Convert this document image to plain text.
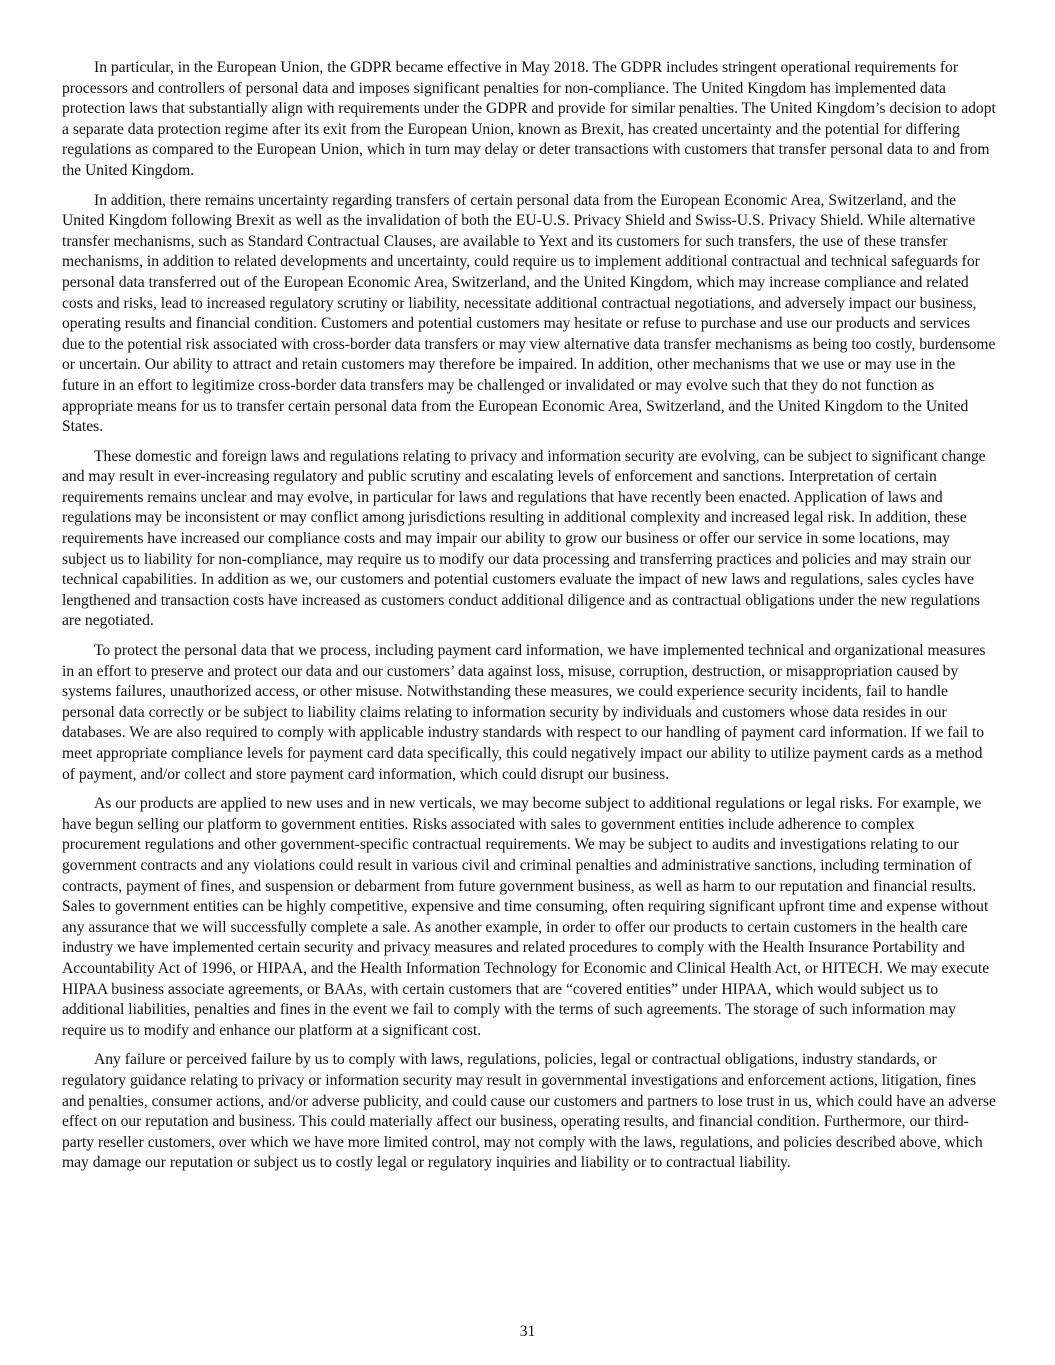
In particular, in the European Union, the GDPR became effective in May 2018. The GDPR includes stringent operational requirements for processors and controllers of personal data and imposes significant penalties for non-compliance. The United Kingdom has implemented data protection laws that substantially align with requirements under the GDPR and provide for similar penalties. The United Kingdom’s decision to adopt a separate data protection regime after its exit from the European Union, known as Brexit, has created uncertainty and the potential for differing regulations as compared to the European Union, which in turn may delay or deter transactions with customers that transfer personal data to and from the United Kingdom.

In addition, there remains uncertainty regarding transfers of certain personal data from the European Economic Area, Switzerland, and the United Kingdom following Brexit as well as the invalidation of both the EU-U.S. Privacy Shield and Swiss-U.S. Privacy Shield. While alternative transfer mechanisms, such as Standard Contractual Clauses, are available to Yext and its customers for such transfers, the use of these transfer mechanisms, in addition to related developments and uncertainty, could require us to implement additional contractual and technical safeguards for personal data transferred out of the European Economic Area, Switzerland, and the United Kingdom, which may increase compliance and related costs and risks, lead to increased regulatory scrutiny or liability, necessitate additional contractual negotiations, and adversely impact our business, operating results and financial condition. Customers and potential customers may hesitate or refuse to purchase and use our products and services due to the potential risk associated with cross-border data transfers or may view alternative data transfer mechanisms as being too costly, burdensome or uncertain. Our ability to attract and retain customers may therefore be impaired. In addition, other mechanisms that we use or may use in the future in an effort to legitimize cross-border data transfers may be challenged or invalidated or may evolve such that they do not function as appropriate means for us to transfer certain personal data from the European Economic Area, Switzerland, and the United Kingdom to the United States.

These domestic and foreign laws and regulations relating to privacy and information security are evolving, can be subject to significant change and may result in ever-increasing regulatory and public scrutiny and escalating levels of enforcement and sanctions. Interpretation of certain requirements remains unclear and may evolve, in particular for laws and regulations that have recently been enacted. Application of laws and regulations may be inconsistent or may conflict among jurisdictions resulting in additional complexity and increased legal risk. In addition, these requirements have increased our compliance costs and may impair our ability to grow our business or offer our service in some locations, may subject us to liability for non-compliance, may require us to modify our data processing and transferring practices and policies and may strain our technical capabilities. In addition as we, our customers and potential customers evaluate the impact of new laws and regulations, sales cycles have lengthened and transaction costs have increased as customers conduct additional diligence and as contractual obligations under the new regulations are negotiated.

To protect the personal data that we process, including payment card information, we have implemented technical and organizational measures in an effort to preserve and protect our data and our customers’ data against loss, misuse, corruption, destruction, or misappropriation caused by systems failures, unauthorized access, or other misuse. Notwithstanding these measures, we could experience security incidents, fail to handle personal data correctly or be subject to liability claims relating to information security by individuals and customers whose data resides in our databases. We are also required to comply with applicable industry standards with respect to our handling of payment card information. If we fail to meet appropriate compliance levels for payment card data specifically, this could negatively impact our ability to utilize payment cards as a method of payment, and/or collect and store payment card information, which could disrupt our business.

As our products are applied to new uses and in new verticals, we may become subject to additional regulations or legal risks. For example, we have begun selling our platform to government entities. Risks associated with sales to government entities include adherence to complex procurement regulations and other government-specific contractual requirements. We may be subject to audits and investigations relating to our government contracts and any violations could result in various civil and criminal penalties and administrative sanctions, including termination of contracts, payment of fines, and suspension or debarment from future government business, as well as harm to our reputation and financial results. Sales to government entities can be highly competitive, expensive and time consuming, often requiring significant upfront time and expense without any assurance that we will successfully complete a sale. As another example, in order to offer our products to certain customers in the health care industry we have implemented certain security and privacy measures and related procedures to comply with the Health Insurance Portability and Accountability Act of 1996, or HIPAA, and the Health Information Technology for Economic and Clinical Health Act, or HITECH. We may execute HIPAA business associate agreements, or BAAs, with certain customers that are “covered entities” under HIPAA, which would subject us to additional liabilities, penalties and fines in the event we fail to comply with the terms of such agreements. The storage of such information may require us to modify and enhance our platform at a significant cost.

Any failure or perceived failure by us to comply with laws, regulations, policies, legal or contractual obligations, industry standards, or regulatory guidance relating to privacy or information security may result in governmental investigations and enforcement actions, litigation, fines and penalties, consumer actions, and/or adverse publicity, and could cause our customers and partners to lose trust in us, which could have an adverse effect on our reputation and business. This could materially affect our business, operating results, and financial condition. Furthermore, our third-party reseller customers, over which we have more limited control, may not comply with the laws, regulations, and policies described above, which may damage our reputation or subject us to costly legal or regulatory inquiries and liability or to contractual liability.

31
